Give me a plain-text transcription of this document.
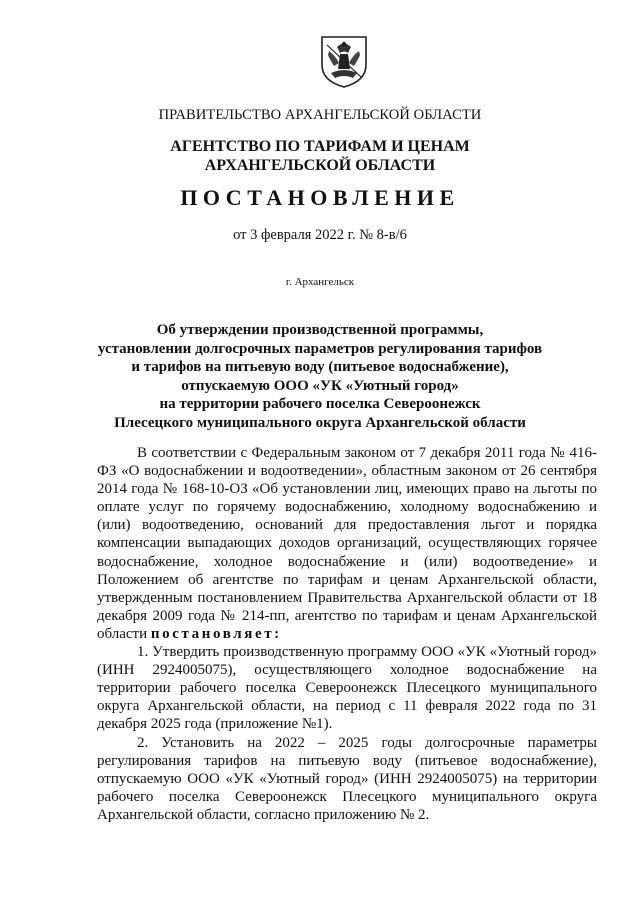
ПРАВИТЕЛЬСТВО АРХАНГЕЛЬСКОЙ ОБЛАСТИ
АГЕНТСТВО ПО ТАРИФАМ И ЦЕНАМ
АРХАНГЕЛЬСКОЙ ОБЛАСТИ
ПОСТАНОВЛЕНИЕ
от 3 февраля 2022 г. № 8-в/6
г. Архангельск
Об утверждении производственной программы,
установлении долгосрочных параметров регулирования тарифов
и тарифов на питьевую воду (питьевое водоснабжение),
отпускаемую ООО «УК «Уютный город»
на территории рабочего поселка Североонежск
Плесецкого муниципального округа Архангельской области

В соответствии с Федеральным законом от 7 декабря 2011 года № 416-ФЗ «О водоснабжении и водоотведении», областным законом от 26 сентября 2014 года № 168-10-ОЗ «Об установлении лиц, имеющих право на льготы по оплате услуг по горячему водоснабжению, холодному водоснабжению и (или) водоотведению, оснований для предоставления льгот и порядка компенсации выпадающих доходов организаций, осуществляющих горячее водоснабжение, холодное водоснабжение и (или) водоотведение» и Положением об агентстве по тарифам и ценам Архангельской области, утвержденным постановлением Правительства Архангельской области от 18 декабря 2009 года № 214-пп, агентство по тарифам и ценам Архангельской области постановляет:

1. Утвердить производственную программу ООО «УК «Уютный город» (ИНН 2924005075), осуществляющего холодное водоснабжение на территории рабочего поселка Североонежск Плесецкого муниципального округа Архангельской области, на период с 11 февраля 2022 года по 31 декабря 2025 года (приложение №1).

2. Установить на 2022 – 2025 годы долгосрочные параметры регулирования тарифов на питьевую воду (питьевое водоснабжение), отпускаемую ООО «УК «Уютный город» (ИНН 2924005075) на территории рабочего поселка Североонежск Плесецкого муниципального округа Архангельской области, согласно приложению № 2.
